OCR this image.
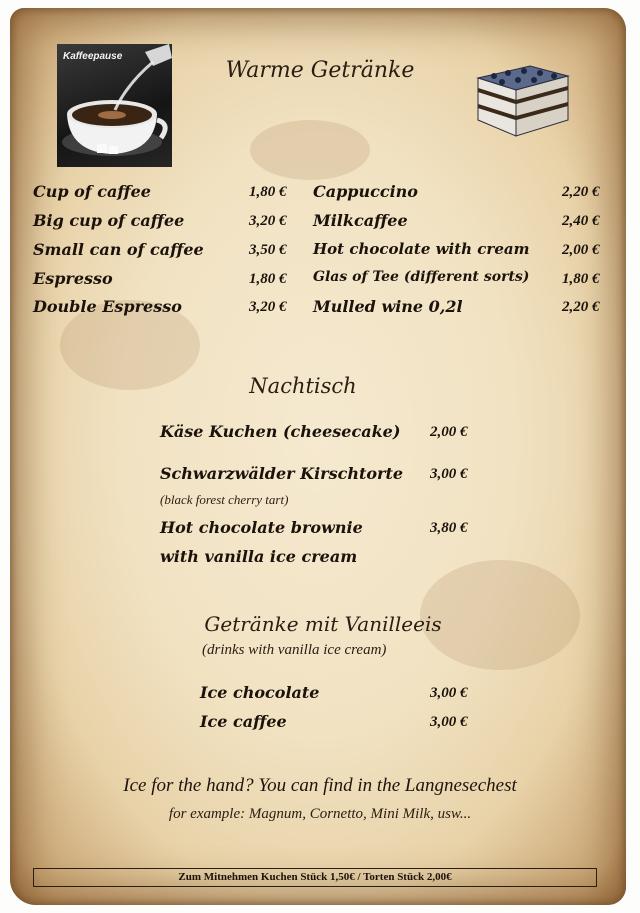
Kaffeepause
Warme Getränke
Cup of caffee	1,80 €
Big cup of caffee	3,20 €
Small can of caffee	3,50 €
Espresso	1,80 €
Double Espresso	3,20 €
Cappuccino	2,20 €
Milkcaffee	2,40 €
Hot chocolate with cream 2,00 €
Glas of Tee (different sorts) 1,80 €
Mulled wine 0,2l	2,20 €
Nachtisch
Käse Kuchen (cheesecake) 2,00 €
Schwarzwälder Kirschtorte 3,00 €
(black forest cherry tart)
Hot chocolate brownie	3,80 €
with vanilla ice cream
Getränke mit Vanilleeis
(drinks with vanilla ice cream)
Ice chocolate	3,00 €
Ice caffee	3,00 €
Ice for the hand? You can find in the Langnesechest
for example: Magnum, Cornetto, Mini Milk, usw...
Zum Mitnehmen Kuchen Stück 1,50€ / Torten Stück 2,00€
